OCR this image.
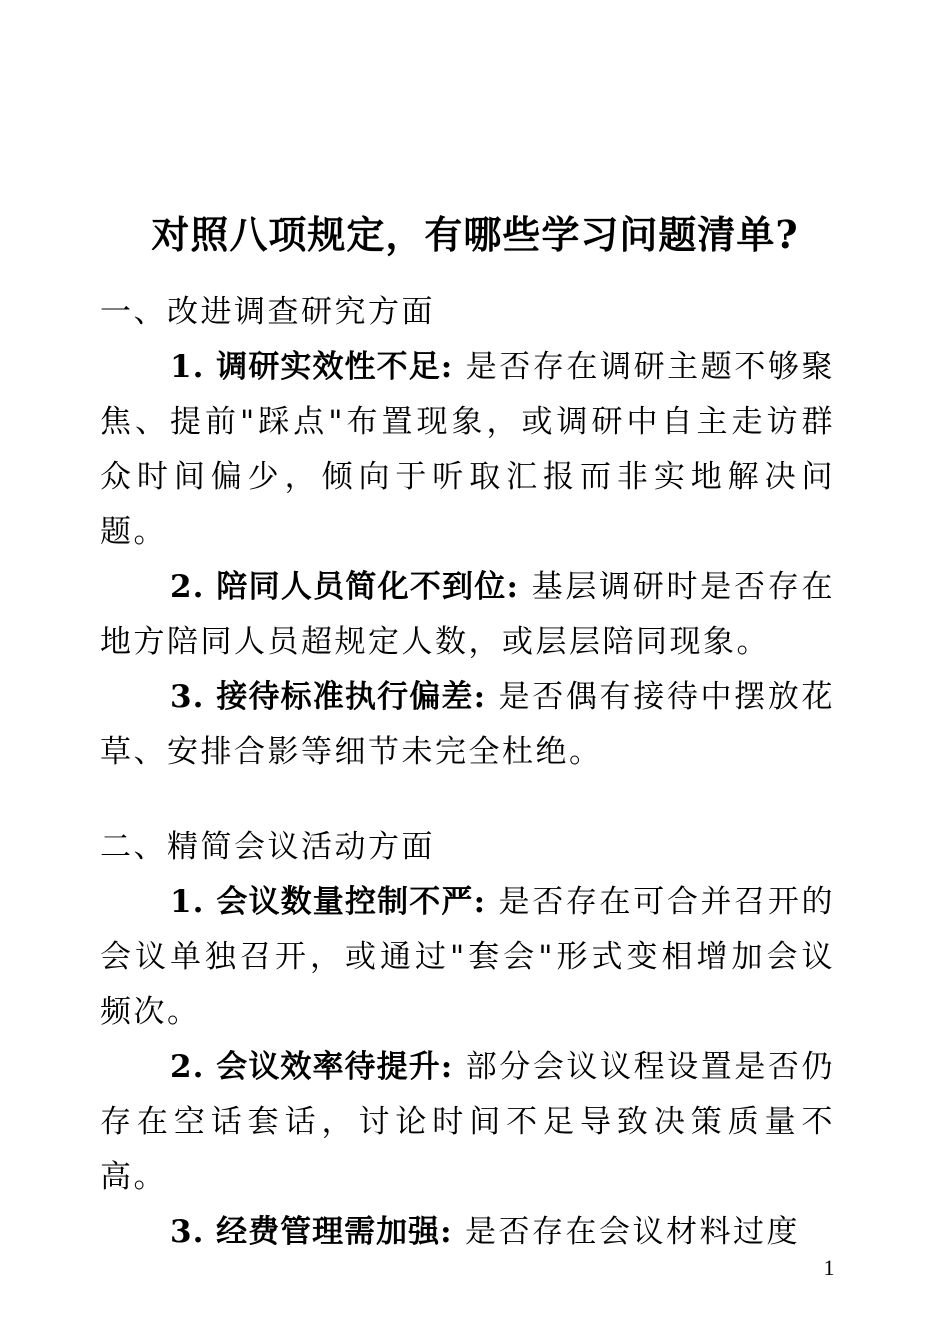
对照八项规定，有哪些学习问题清单?

一、改进调查研究方面

1. 调研实效性不足: 是否存在调研主题不够聚焦、提前"踩点"布置现象，或调研中自主走访群众时间偏少，倾向于听取汇报而非实地解决问题。

2. 陪同人员简化不到位: 基层调研时是否存在地方陪同人员超规定人数，或层层陪同现象。

3. 接待标准执行偏差: 是否偶有接待中摆放花草、安排合影等细节未完全杜绝。

二、精简会议活动方面

1. 会议数量控制不严: 是否存在可合并召开的会议单独召开，或通过"套会"形式变相增加会议频次。

2. 会议效率待提升: 部分会议议程设置是否仍存在空话套话，讨论时间不足导致决策质量不高。

3. 经费管理需加强: 是否存在会议材料过度

1
